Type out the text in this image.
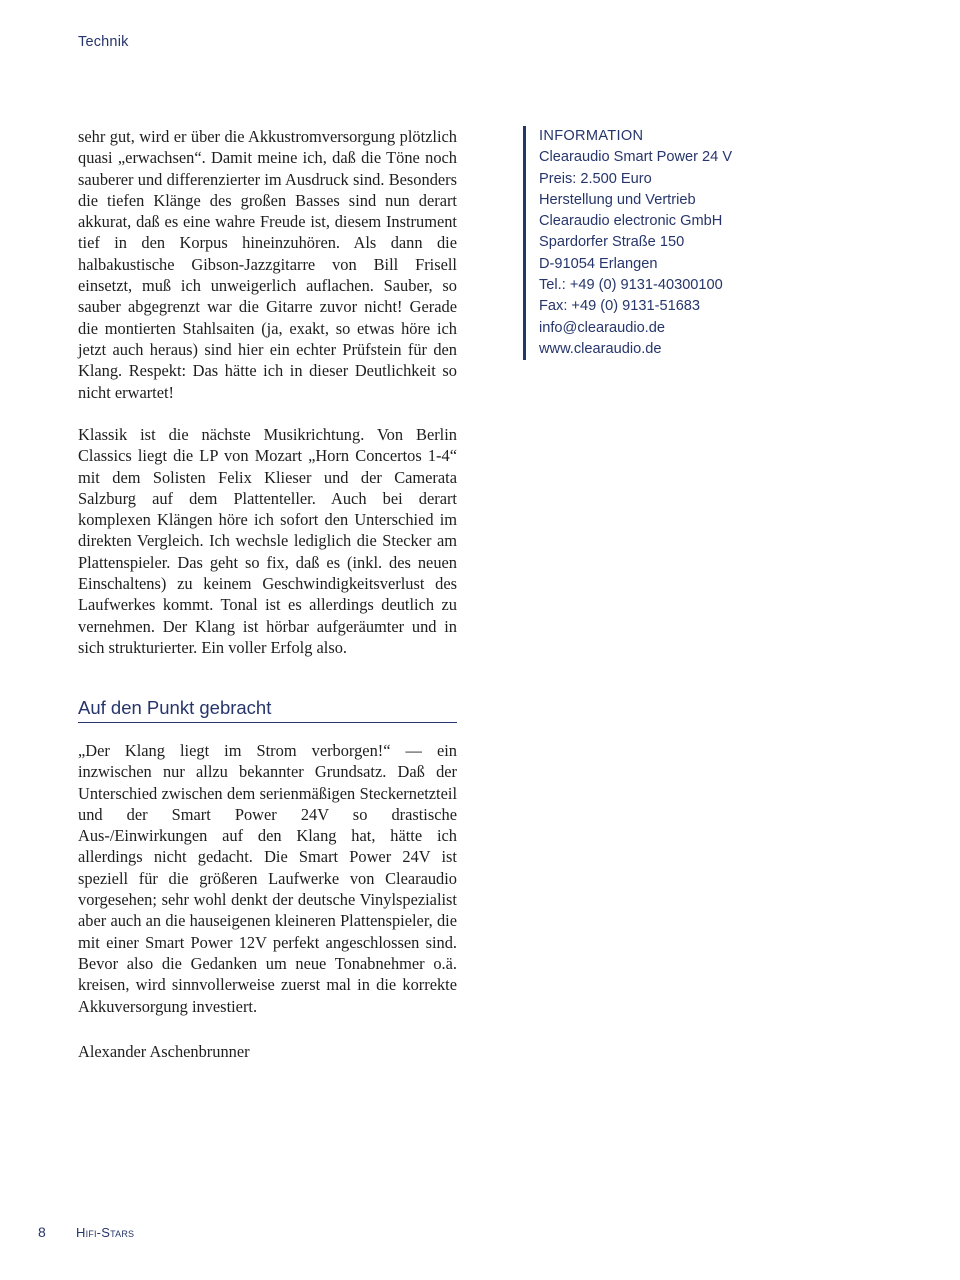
Technik

sehr gut, wird er über die Akkustromversorgung plötzlich quasi „erwachsen“. Damit meine ich, daß die Töne noch sauberer und differenzierter im Ausdruck sind. Besonders die tiefen Klänge des großen Basses sind nun derart akkurat, daß es eine wahre Freude ist, diesem Instrument tief in den Korpus hineinzuhören. Als dann die halbakustische Gibson-Jazzgitarre von Bill Frisell einsetzt, muß ich unweigerlich auflachen. Sauber, so sauber abgegrenzt war die Gitarre zuvor nicht! Gerade die montierten Stahlsaiten (ja, exakt, so etwas höre ich jetzt auch heraus) sind hier ein echter Prüfstein für den Klang. Respekt: Das hätte ich in dieser Deutlichkeit so nicht erwartet!

Klassik ist die nächste Musikrichtung. Von Berlin Classics liegt die LP von Mozart „Horn Concertos 1-4“ mit dem Solisten Felix Klieser und der Camerata Salzburg auf dem Plattenteller. Auch bei derart komplexen Klängen höre ich sofort den Unterschied im direkten Vergleich. Ich wechsle lediglich die Stecker am Plattenspieler. Das geht so fix, daß es (inkl. des neuen Einschaltens) zu keinem Geschwindigkeitsverlust des Laufwerkes kommt. Tonal ist es allerdings deutlich zu vernehmen. Der Klang ist hörbar aufgeräumter und in sich strukturierter. Ein voller Erfolg also.

Auf den Punkt gebracht

„Der Klang liegt im Strom verborgen!“ — ein inzwischen nur allzu bekannter Grundsatz. Daß der Unterschied zwischen dem serienmäßigen Steckernetzteil und der Smart Power 24V so drastische Aus-/Einwirkungen auf den Klang hat, hätte ich allerdings nicht gedacht. Die Smart Power 24V ist speziell für die größeren Laufwerke von Clearaudio vorgesehen; sehr wohl denkt der deutsche Vinylspezialist aber auch an die hauseigenen kleineren Plattenspieler, die mit einer Smart Power 12V perfekt angeschlossen sind. Bevor also die Gedanken um neue Tonabnehmer o.ä. kreisen, wird sinnvollerweise zuerst mal in die korrekte Akkuversorgung investiert.

Alexander Aschenbrunner
INFORMATION
Clearaudio Smart Power 24 V
Preis: 2.500 Euro
Herstellung und Vertrieb
Clearaudio electronic GmbH
Spardorfer Straße 150
D-91054 Erlangen
Tel.: +49 (0) 9131-40300100
Fax: +49 (0) 9131-51683
info@clearaudio.de
www.clearaudio.de
8 Hifi-Stars
